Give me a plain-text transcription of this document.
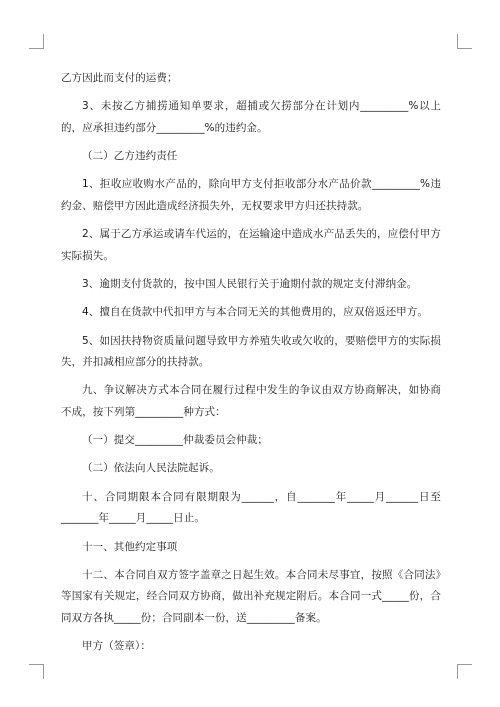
乙方因此而支付的运费；

3、未按乙方捕捞通知单要求，超捕或欠捞部分在计划内_________%以上的，应承担违约部分_________%的违约金。

（二）乙方违约责任

1、拒收应收购水产品的，除向甲方支付拒收部分水产品价款_________%违约金、赔偿甲方因此造成经济损失外，无权要求甲方归还扶持款。

2、属于乙方承运或请车代运的，在运输途中造成水产品丢失的，应偿付甲方实际损失。

3、逾期支付货款的，按中国人民银行关于逾期付款的规定支付滞纳金。

4、擅自在货款中代扣甲方与本合同无关的其他费用的，应双倍返还甲方。

5、如因扶持物资质量问题导致甲方养殖失收或欠收的，要赔偿甲方的实际损失，并扣减相应部分的扶持款。

九、争议解决方式本合同在履行过程中发生的争议由双方协商解决，如协商不成，按下列第_________种方式：

（一）提交_________仲裁委员会仲裁；

（二）依法向人民法院起诉。

十、合同期限本合同有限期限为______，自_______年_____月______日至_______年_____月_____日止。

十一、其他约定事项

十二、本合同自双方签字盖章之日起生效。本合同未尽事宜，按照《合同法》等国家有关规定，经合同双方协商，做出补充规定附后。本合同一式_____份，合同双方各执_____份；合同副本一份，送_________备案。

甲方（签章）：
